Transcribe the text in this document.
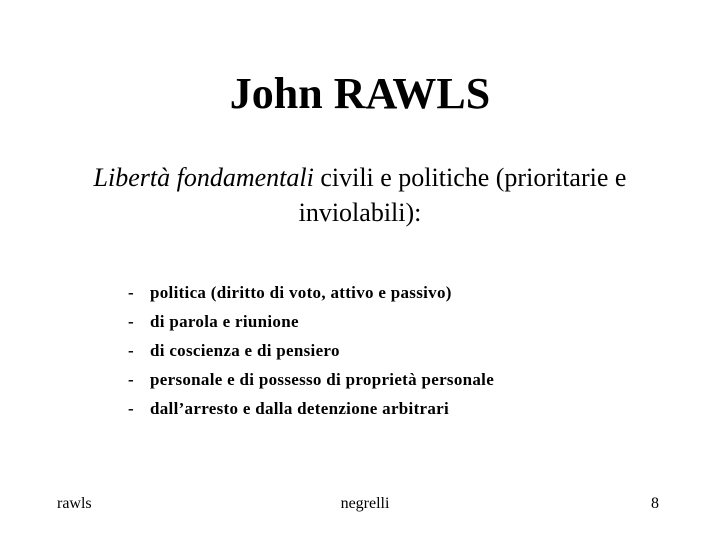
John RAWLS
Libertà fondamentali civili e politiche (prioritarie e inviolabili):
- politica (diritto di voto, attivo e passivo)
- di parola e riunione
- di coscienza e di pensiero
- personale e di possesso di proprietà personale
- dall’arresto e dalla detenzione arbitrari
rawls	negrelli	8
